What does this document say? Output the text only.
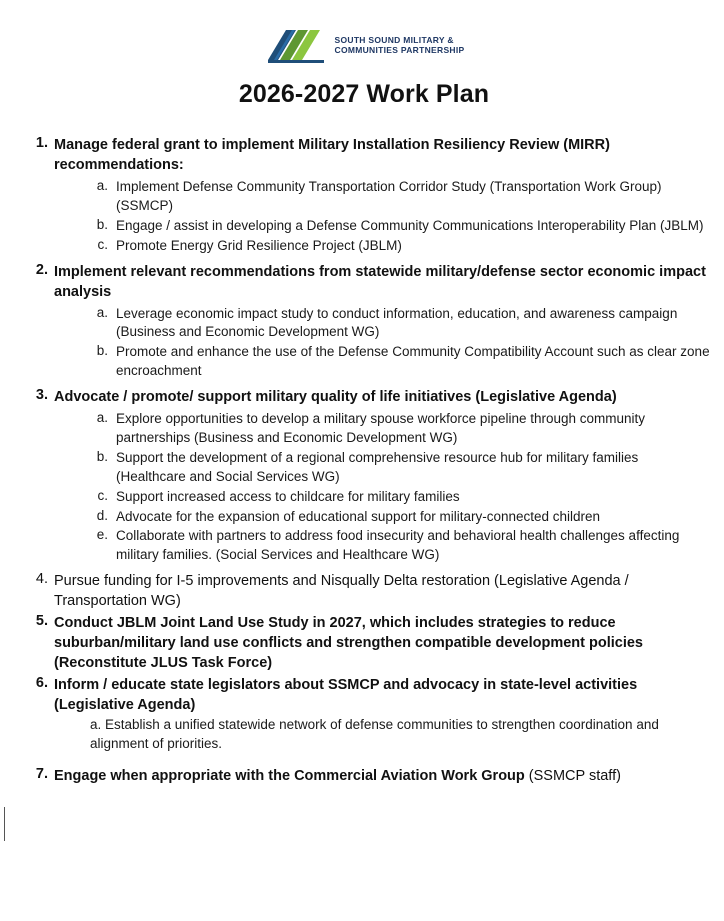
SOUTH SOUND MILITARY &
COMMUNITIES PARTNERSHIP
2026-2027 Work Plan
1. Manage federal grant to implement Military Installation Resiliency Review (MIRR) recommendations:
a. Implement Defense Community Transportation Corridor Study (Transportation Work Group) (SSMCP)
b. Engage / assist in developing a Defense Community Communications Interoperability Plan (JBLM)
c. Promote Energy Grid Resilience Project (JBLM)
2. Implement relevant recommendations from statewide military/defense sector economic impact analysis
a. Leverage economic impact study to conduct information, education, and awareness campaign (Business and Economic Development WG)
b. Promote and enhance the use of the Defense Community Compatibility Account such as clear zone encroachment
3. Advocate / promote/ support military quality of life initiatives (Legislative Agenda)
a. Explore opportunities to develop a military spouse workforce pipeline through community partnerships (Business and Economic Development WG)
b. Support the development of a regional comprehensive resource hub for military families (Healthcare and Social Services WG)
c. Support increased access to childcare for military families
d. Advocate for the expansion of educational support for military-connected children
e. Collaborate with partners to address food insecurity and behavioral health challenges affecting military families. (Social Services and Healthcare WG)
4. Pursue funding for I-5 improvements and Nisqually Delta restoration (Legislative Agenda / Transportation WG)
5. Conduct JBLM Joint Land Use Study in 2027, which includes strategies to reduce suburban/military land use conflicts and strengthen compatible development policies (Reconstitute JLUS Task Force)
6. Inform / educate state legislators about SSMCP and advocacy in state-level activities (Legislative Agenda)
a. Establish a unified statewide network of defense communities to strengthen coordination and alignment of priorities.
7. Engage when appropriate with the Commercial Aviation Work Group (SSMCP staff)
